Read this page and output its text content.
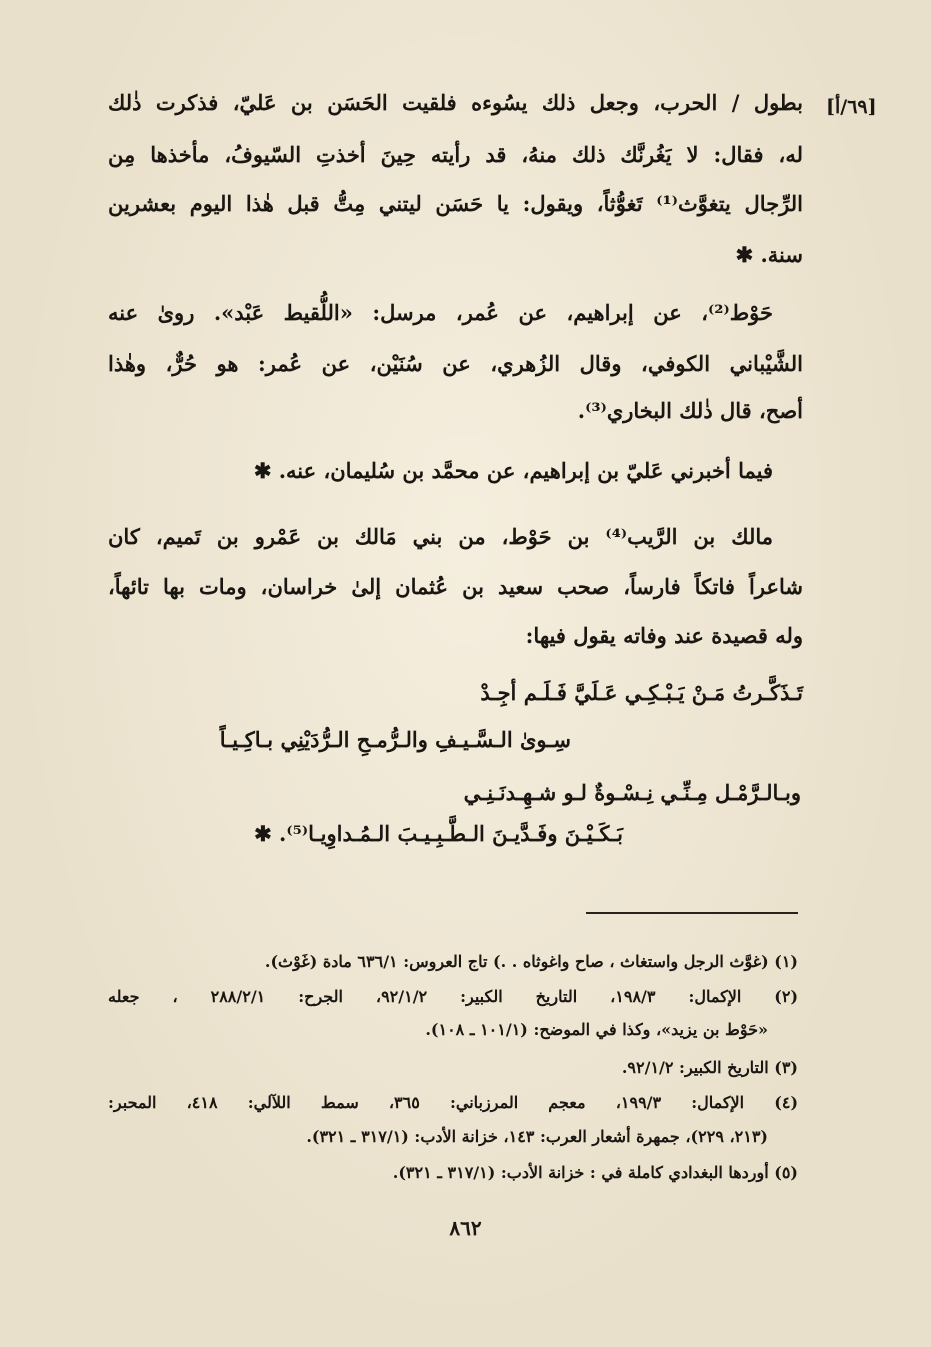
[٦٩/أ]
بطول / الحرب، وجعل ذلك يسُوءه فلقيت الحَسَن بن عَليّ، فذكرت ذٰلك
له، فقال: لا يَغُرنَّك ذلك منهُ، قد رأيته حِينَ أخذتِ السّيوفُ، مأخذها مِن
الرِّجال يتغوَّث⁽¹⁾ تَغوُّثاً، ويقول: يا حَسَن ليتني مِتُّ قبل هٰذا اليوم بعشرين
سنة. ✱
حَوْط⁽²⁾، عن إبراهيم، عن عُمر، مرسل: «اللُّقيط عَبْد». روىٰ عنه
الشَّيْباني الكوفي، وقال الزُهري، عن سُنَيْن، عن عُمر: هو حُرٌّ، وهٰذا
أصح، قال ذٰلك البخاري⁽³⁾.
فيما أخبرني عَليّ بن إبراهيم، عن محمَّد بن سُليمان، عنه. ✱
مالك بن الرَّيب⁽⁴⁾ بن حَوْط، من بني مَالك بن عَمْرو بن تَميم، كان
شاعراً فاتكاً فارساً، صحب سعيد بن عُثمان إلىٰ خراسان، ومات بها تائهاً،
وله قصيدة عند وفاته يقول فيها:
تَـذَكَّـرتُ مَـنْ يَـبْـكِـي عَـلَيَّ فَـلَـم أجِـدْ
سِـوىٰ الـسَّـيـفِ والـرُّمـحِ الـرُّدَيْنِي بـاكِـيـاً
وبـالـرَّمْـل مِـنِّـي نِـسْـوةٌ لـو شـهِـدنَـنِـي
بَـكَـيْـنَ وفَـدَّيـنَ الـطَّـبِـيـبَ الـمُـداوِيـا⁽⁵⁾. ✱
(١) (غوَّث الرجل واستغاث ، صاح واغوثاه . .) تاج العروس: ٦٣٦/١ مادة (غَوْث).
(٢) الإكمال: ١٩٨/٣، التاريخ الكبير: ٩٢/١/٢، الجرح: ٢٨٨/٢/١ ، جعله
«حَوْط بن يزيد»، وكذا في الموضح: (١٠١/١ ـ ١٠٨).
(٣) التاريخ الكبير: ٩٢/١/٢.
(٤) الإكمال: ١٩٩/٣، معجم المرزباني: ٣٦٥، سمط اللآلي: ٤١٨، المحبر:
(٢١٣، ٢٢٩)، جمهرة أشعار العرب: ١٤٣، خزانة الأدب: (٣١٧/١ ـ ٣٢١).
(٥) أوردها البغدادي كاملة في : خزانة الأدب: (٣١٧/١ ـ ٣٢١).
٨٦٢
